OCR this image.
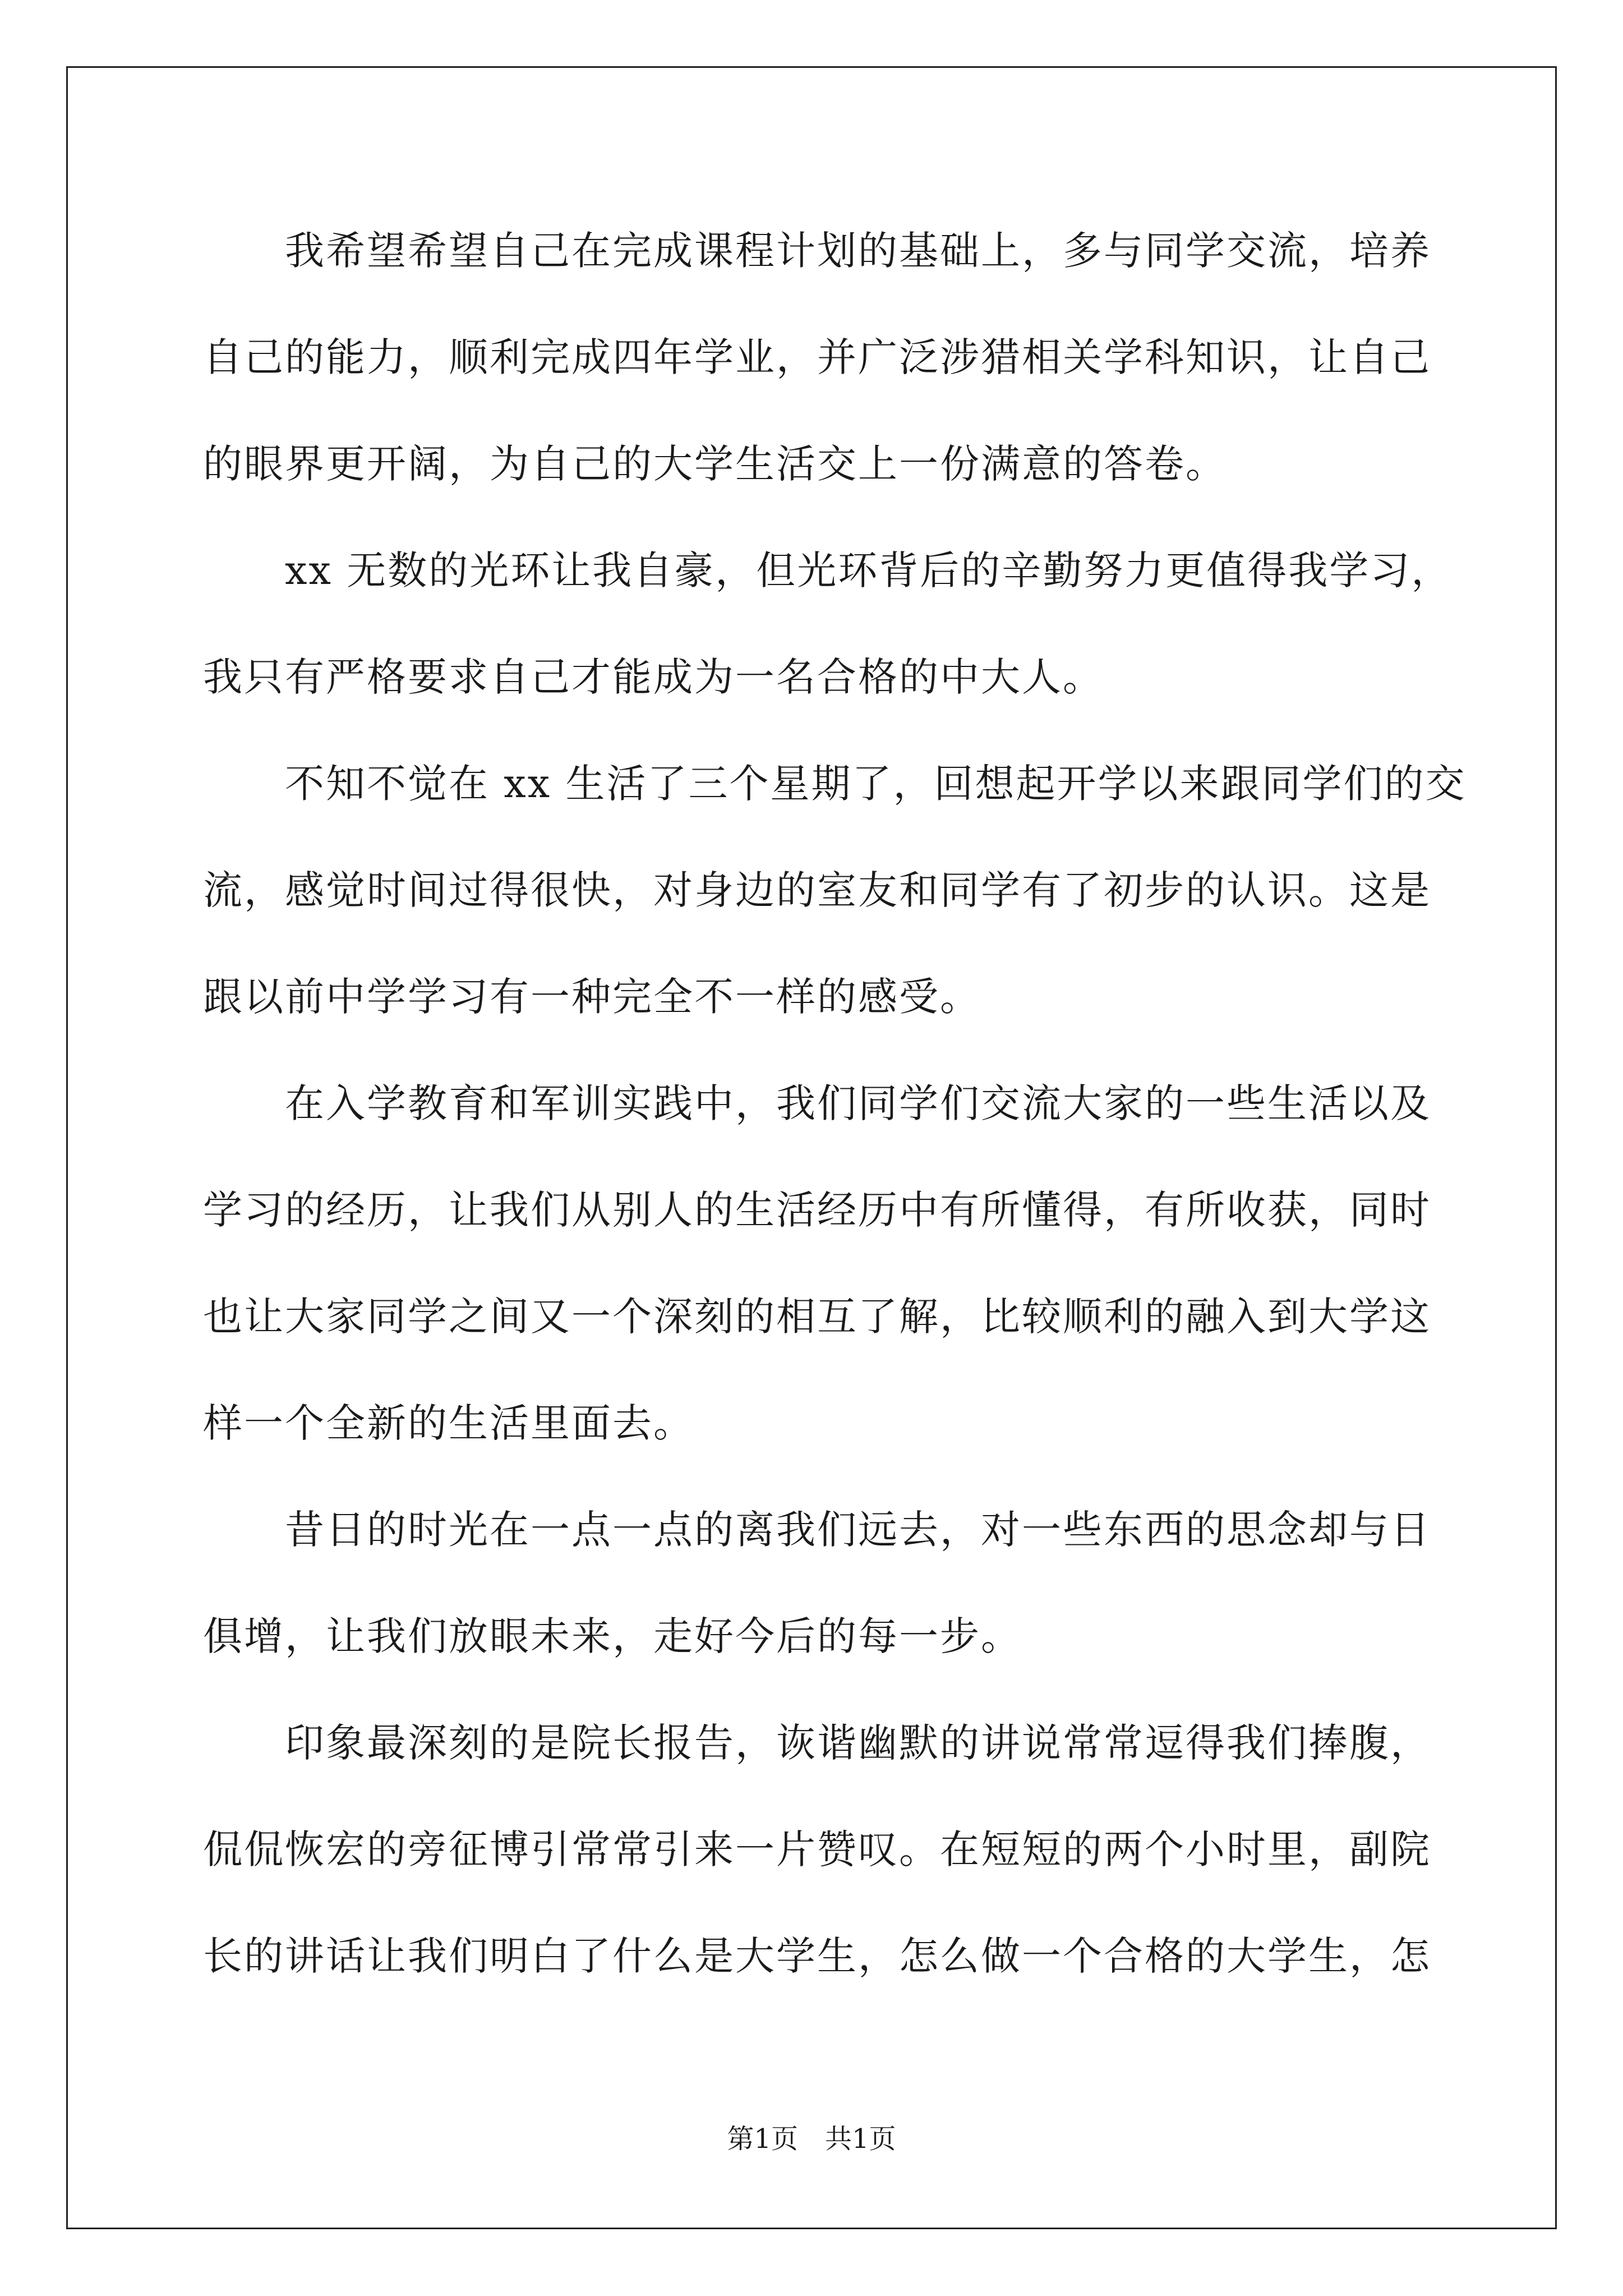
　　我希望希望自己在完成课程计划的基础上，多与同学交流，培养
自己的能力，顺利完成四年学业，并广泛涉猎相关学科知识，让自己
的眼界更开阔，为自己的大学生活交上一份满意的答卷。
　　xx 无数的光环让我自豪，但光环背后的辛勤努力更值得我学习，
我只有严格要求自己才能成为一名合格的中大人。
　　不知不觉在 xx 生活了三个星期了，回想起开学以来跟同学们的交
流，感觉时间过得很快，对身边的室友和同学有了初步的认识。这是
跟以前中学学习有一种完全不一样的感受。
　　在入学教育和军训实践中，我们同学们交流大家的一些生活以及
学习的经历，让我们从别人的生活经历中有所懂得，有所收获，同时
也让大家同学之间又一个深刻的相互了解，比较顺利的融入到大学这
样一个全新的生活里面去。
　　昔日的时光在一点一点的离我们远去，对一些东西的思念却与日
俱增，让我们放眼未来，走好今后的每一步。
　　印象最深刻的是院长报告，诙谐幽默的讲说常常逗得我们捧腹，
侃侃恢宏的旁征博引常常引来一片赞叹。在短短的两个小时里，副院
长的讲话让我们明白了什么是大学生，怎么做一个合格的大学生，怎
第1页　共1页
